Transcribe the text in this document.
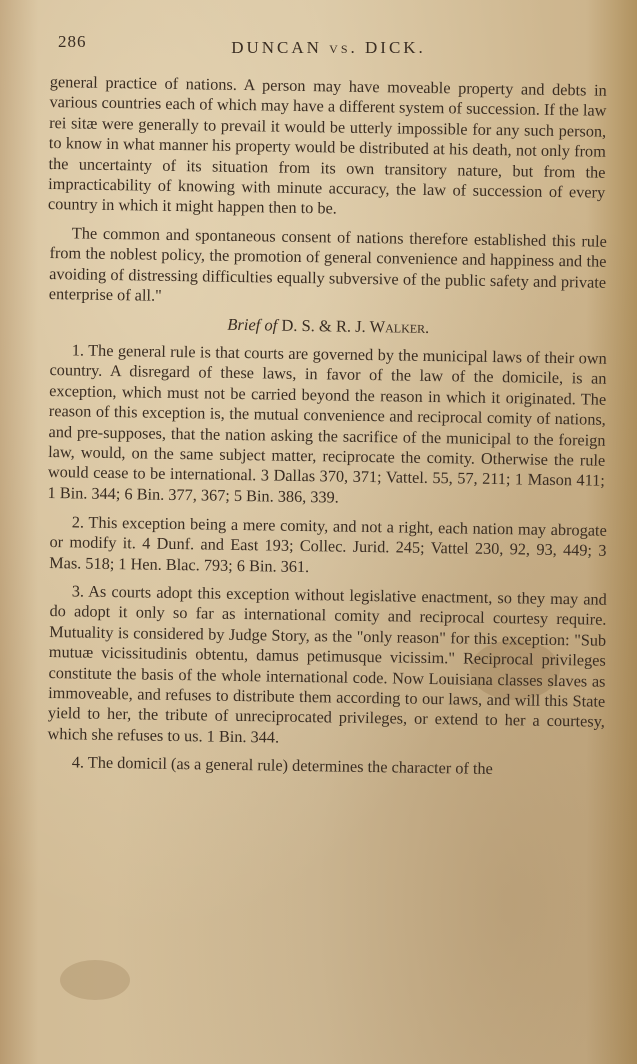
286	DUNCAN vs. DICK.

general practice of nations. A person may have moveable property and debts in various countries each of which may have a different system of succession. If the law rei sitæ were generally to prevail it would be utterly impossible for any such person, to know in what manner his property would be distributed at his death, not only from the uncertainty of its situation from its own transitory nature, but from the impracticability of knowing with minute accuracy, the law of succession of every country in which it might happen then to be.

The common and spontaneous consent of nations therefore established this rule from the noblest policy, the promotion of general convenience and happiness and the avoiding of distressing difficulties equally subversive of the public safety and private enterprise of all."

Brief of D. S. & R. J. Walker.

1. The general rule is that courts are governed by the municipal laws of their own country. A disregard of these laws, in favor of the law of the domicile, is an exception, which must not be carried beyond the reason in which it originated. The reason of this exception is, the mutual convenience and reciprocal comity of nations, and pre-supposes, that the nation asking the sacrifice of the municipal to the foreign law, would, on the same subject matter, reciprocate the comity. Otherwise the rule would cease to be international. 3 Dallas 370, 371; Vattel. 55, 57, 211; 1 Mason 411; 1 Bin. 344; 6 Bin. 377, 367; 5 Bin. 386, 339.

2. This exception being a mere comity, and not a right, each nation may abrogate or modify it. 4 Dunf. and East 193; Collec. Jurid. 245; Vattel 230, 92, 93, 449; 3 Mas. 518; 1 Hen. Blac. 793; 6 Bin. 361.

3. As courts adopt this exception without legislative enactment, so they may and do adopt it only so far as international comity and reciprocal courtesy require. Mutuality is considered by Judge Story, as the "only reason" for this exception: "Sub mutuæ vicissitudinis obtentu, damus petimusque vicissim." Reciprocal privileges constitute the basis of the whole international code. Now Louisiana classes slaves as immoveable, and refuses to distribute them according to our laws, and will this State yield to her, the tribute of unreciprocated privileges, or extend to her a courtesy, which she refuses to us. 1 Bin. 344.

4. The domicil (as a general rule) determines the character of the
